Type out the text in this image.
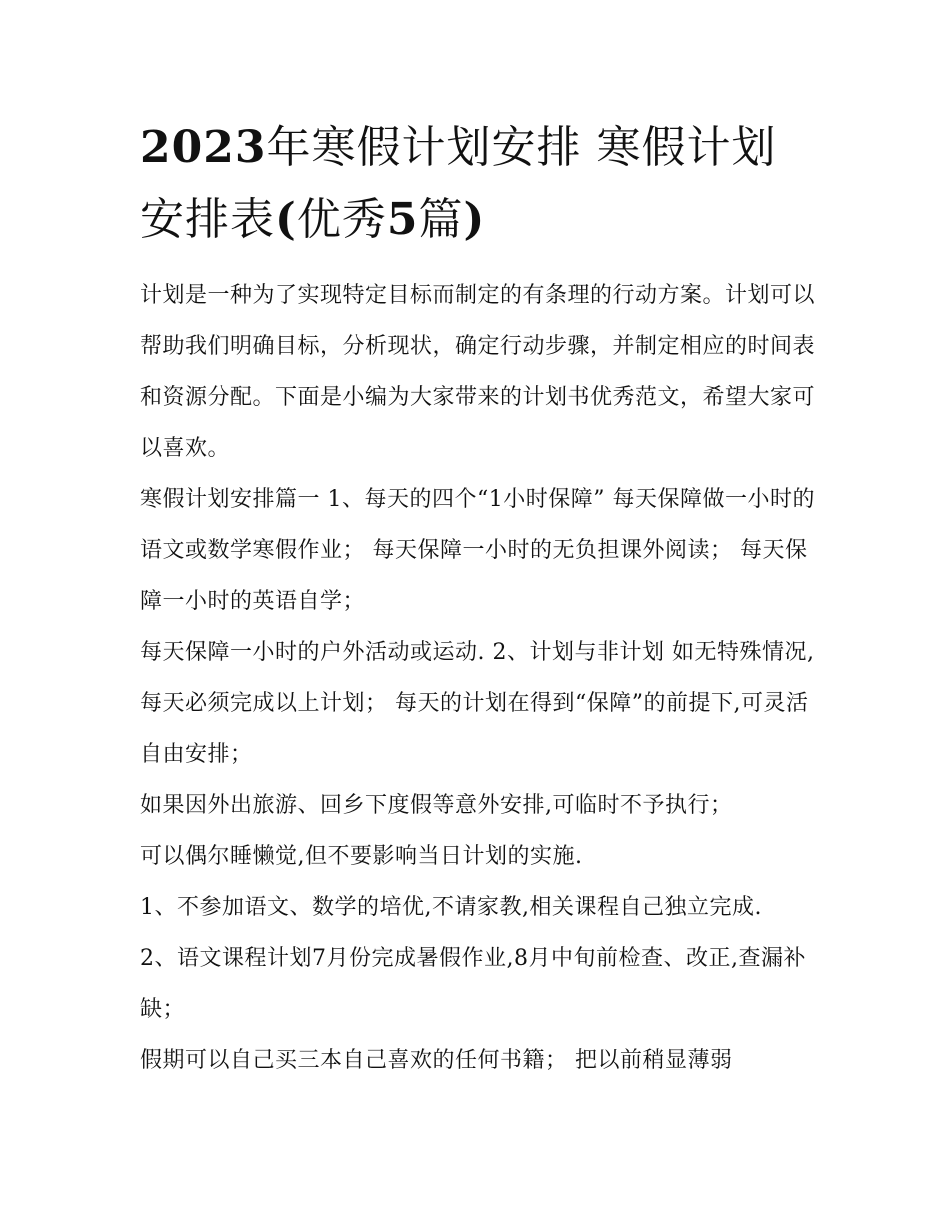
2023年寒假计划安排 寒假计划安排表(优秀5篇)

计划是一种为了实现特定目标而制定的有条理的行动方案。计划可以帮助我们明确目标，分析现状，确定行动步骤，并制定相应的时间表和资源分配。下面是小编为大家带来的计划书优秀范文，希望大家可以喜欢。

寒假计划安排篇一 1、每天的四个“1小时保障” 每天保障做一小时的语文或数学寒假作业； 每天保障一小时的无负担课外阅读； 每天保障一小时的英语自学；

每天保障一小时的户外活动或运动. 2、计划与非计划 如无特殊情况,每天必须完成以上计划； 每天的计划在得到“保障”的前提下,可灵活自由安排；

如果因外出旅游、回乡下度假等意外安排,可临时不予执行；

可以偶尔睡懒觉,但不要影响当日计划的实施.

1、不参加语文、数学的培优,不请家教,相关课程自己独立完成.

2、语文课程计划7月份完成暑假作业,8月中旬前检查、改正,查漏补缺；

假期可以自己买三本自己喜欢的任何书籍； 把以前稍显薄弱
